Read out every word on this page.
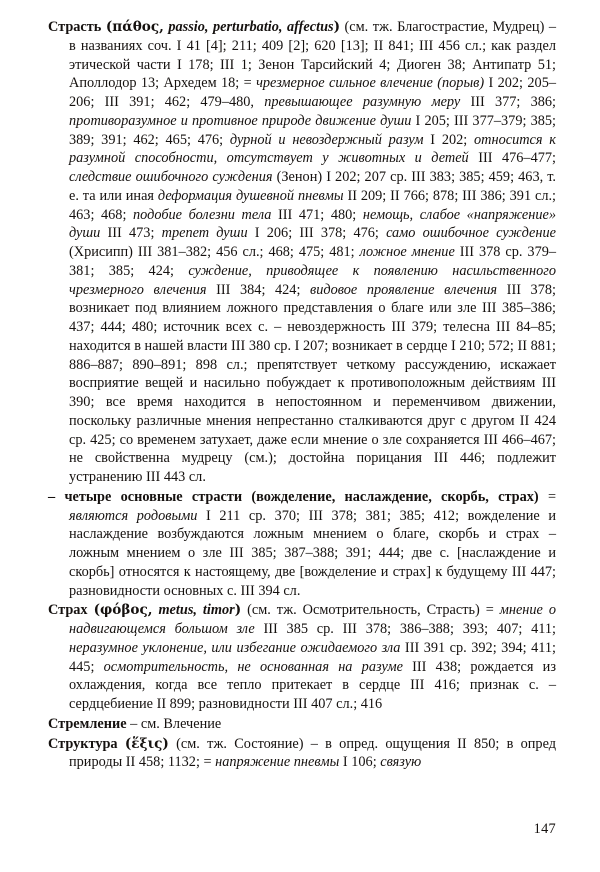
Страсть (πάθος, passio, perturbatio, affectus) (см. тж. Благострастие, Мудрец) – в названиях соч. I 41 [4]; 211; 409 [2]; 620 [13]; II 841; III 456 сл.; как раздел этической части I 178; III 1; Зенон Тарсийский 4; Диоген 38; Антипатр 51; Аполлодор 13; Архедем 18; = чрезмерное сильное влечение (порыв) I 202; 205–206; III 391; 462; 479–480, превышающее разумную меру III 377; 386; противоразумное и противное природе движение души I 205; III 377–379; 385; 389; 391; 462; 465; 476; дурной и невоздержный разум I 202; относится к разумной способности, отсутствует у животных и детей III 476–477; следствие ошибочного суждения (Зенон) I 202; 207 ср. III 383; 385; 459; 463, т. е. та или иная деформация душевной пневмы II 209; II 766; 878; III 386; 391 сл.; 463; 468; подобие болезни тела III 471; 480; немощь, слабое «напряжение» души III 473; трепет души I 206; III 378; 476; само ошибочное суждение (Хрисипп) III 381–382; 456 сл.; 468; 475; 481; ложное мнение III 378 ср. 379–381; 385; 424; суждение, приводящее к появлению насильственного чрезмерного влечения III 384; 424; видовое проявление влечения III 378; возникает под влиянием ложного представления о благе или зле III 385–386; 437; 444; 480; источник всех с. – невоздержность III 379; телесна III 84–85; находится в нашей власти III 380 ср. I 207; возникает в сердце I 210; 572; II 881; 886–887; 890–891; 898 сл.; препятствует четкому рассуждению, искажает восприятие вещей и насильно побуждает к противоположным действиям III 390; все время находится в непостоянном и переменчивом движении, поскольку различные мнения непрестанно сталкиваются друг с другом II 424 ср. 425; со временем затухает, даже если мнение о зле сохраняется III 466–467; не свойственна мудрецу (см.); достойна порицания III 446; подлежит устранению III 443 сл.

– четыре основные страсти (вожделение, наслаждение, скорбь, страх) = являются родовыми I 211 ср. 370; III 378; 381; 385; 412; вожделение и наслаждение возбуждаются ложным мнением о благе, скорбь и страх – ложным мнением о зле III 385; 387–388; 391; 444; две с. [наслаждение и скорбь] относятся к настоящему, две [вожделение и страх] к будущему III 447; разновидности основных с. III 394 сл.

Страх (φόβος, metus, timor) (см. тж. Осмотрительность, Страсть) = мнение о надвигающемся большом зле III 385 ср. III 378; 386–388; 393; 407; 411; неразумное уклонение, или избегание ожидаемого зла III 391 ср. 392; 394; 411; 445; осмотрительность, не основанная на разуме III 438; рождается из охлаждения, когда все тепло притекает в сердце III 416; признак с. – сердцебиение II 899; разновидности III 407 сл.; 416

Стремление – см. Влечение

Структура (ἕξις) (см. тж. Состояние) – в опред. ощущения II 850; в опред природы II 458; 1132; = напряжение пневмы I 106; связую

147
